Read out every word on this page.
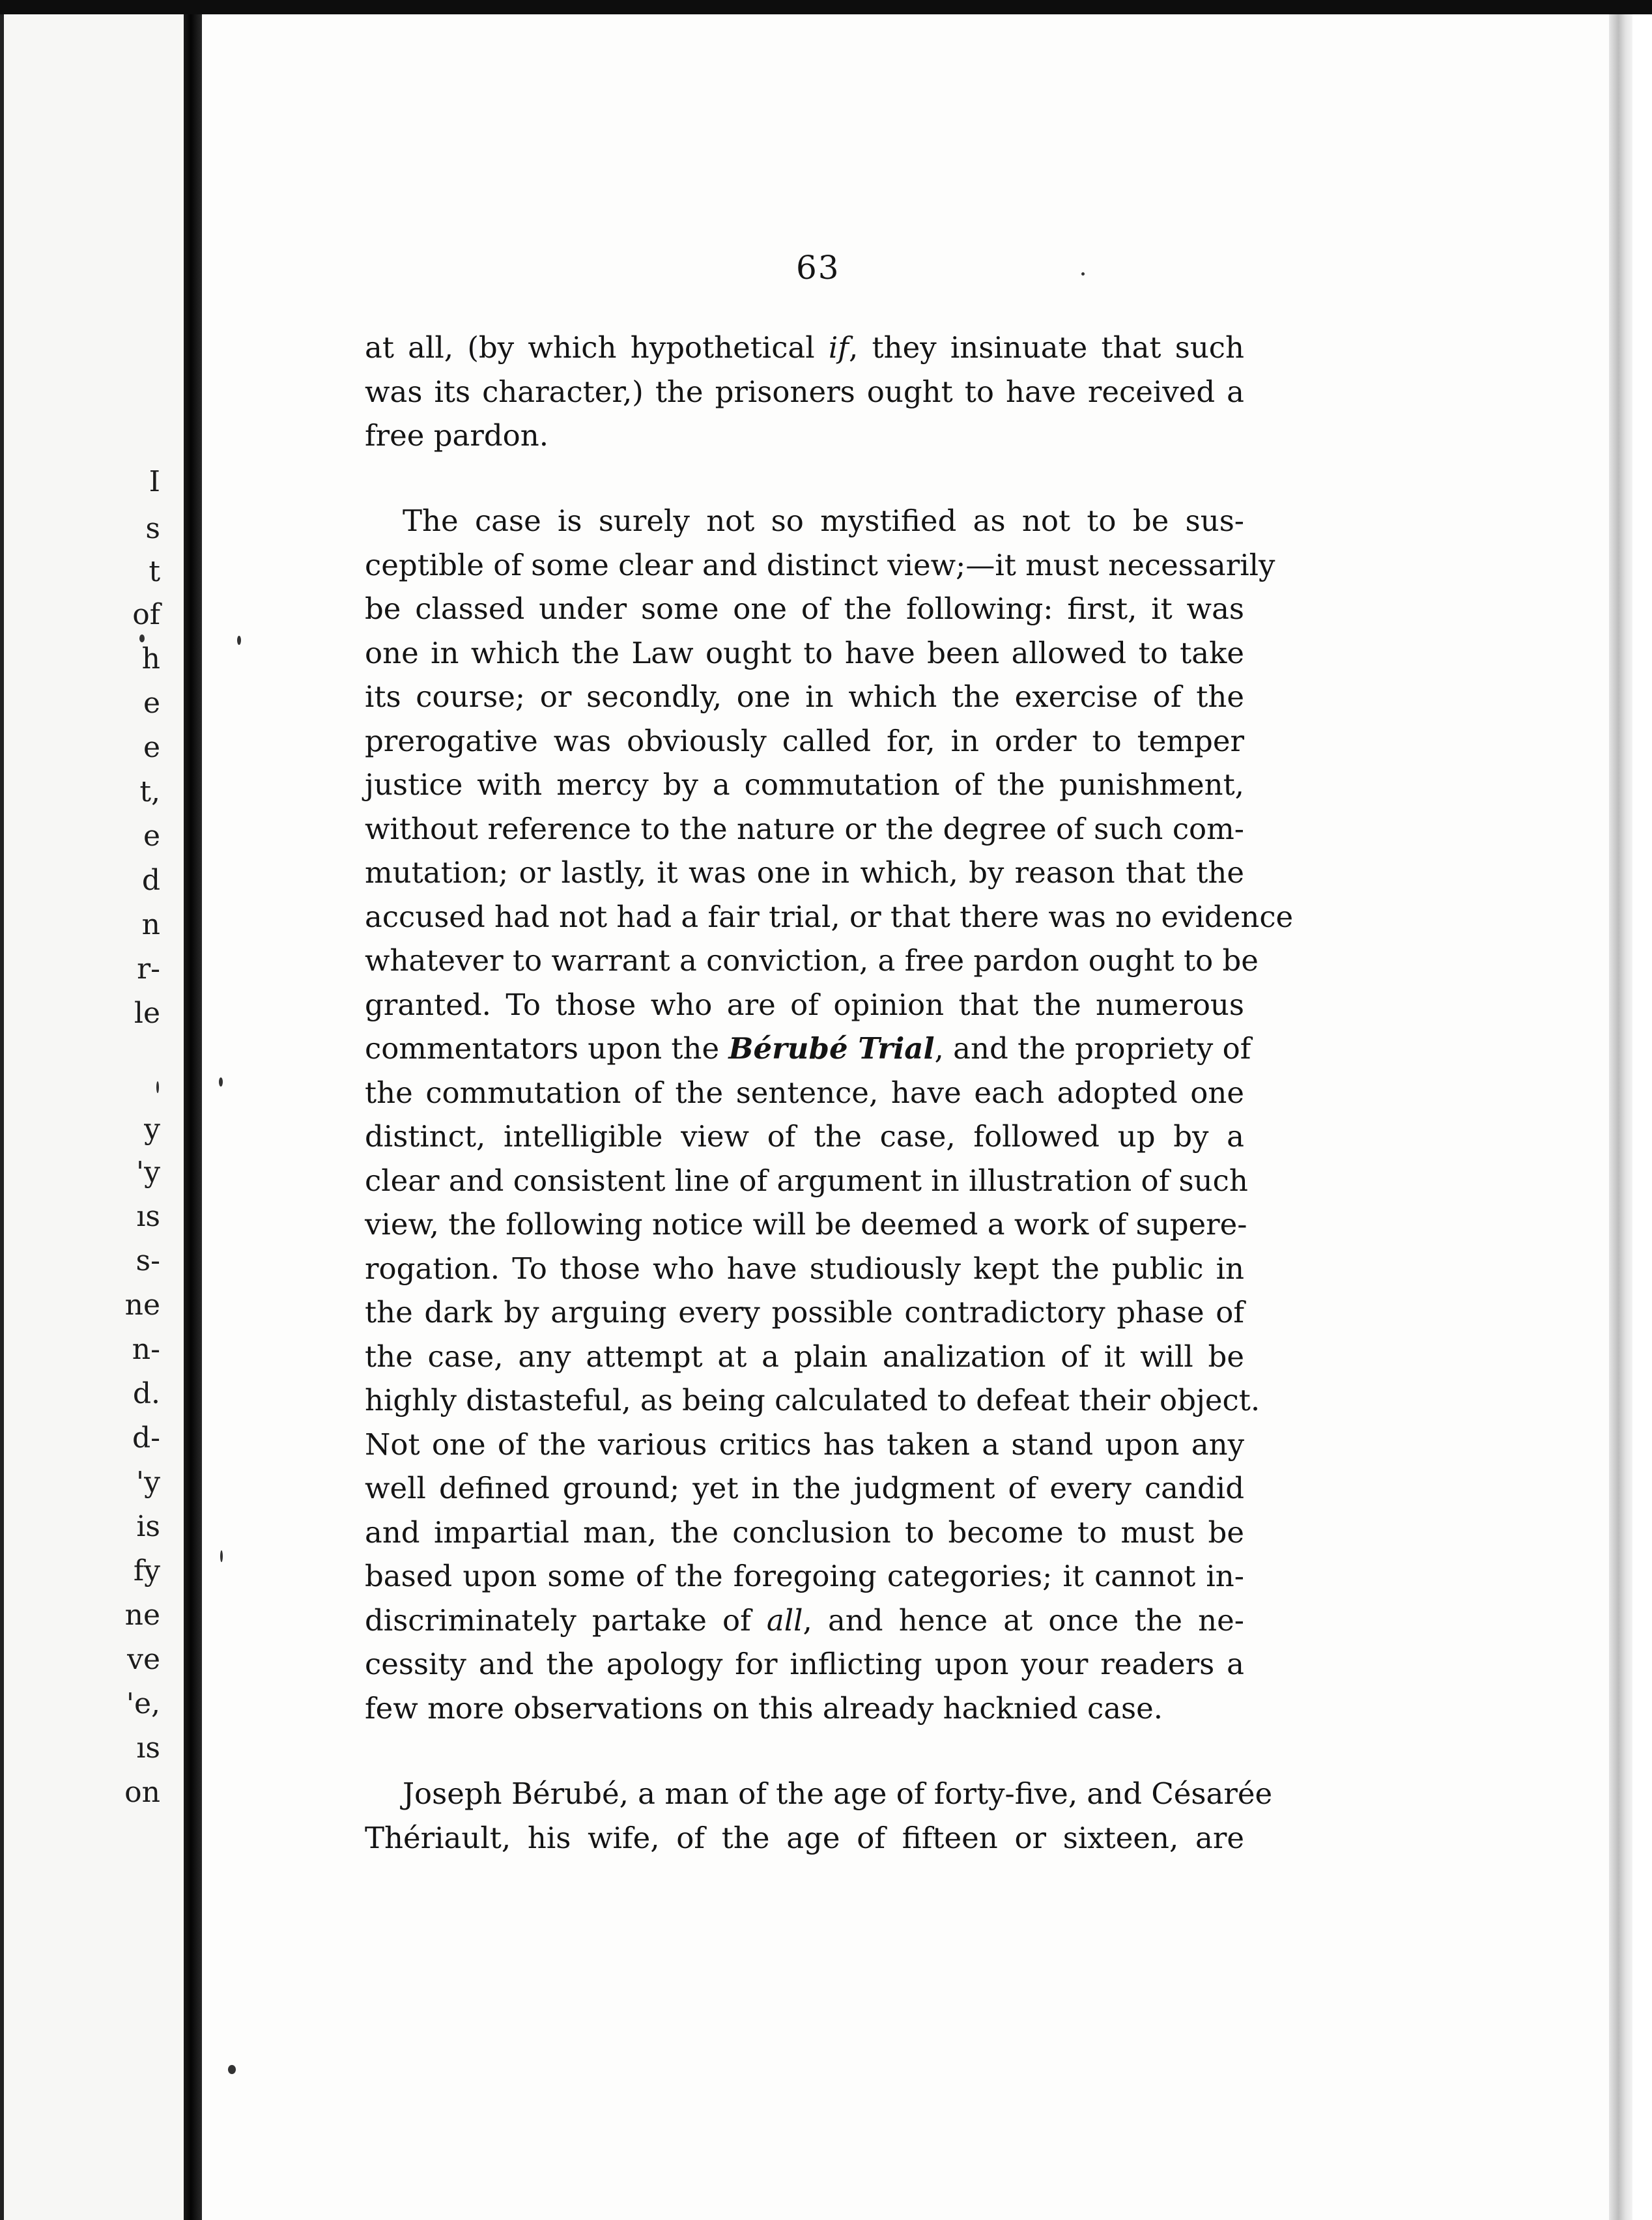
I
s
t
of
h
e
e
t,
e
d
n
r-
le
y
'y
ıs
s-
ne
n-
d.
d-
'y
is
fy
ne
ve
'e,
ıs
on
63
at all, (by which hypothetical if, they insinuate that such
was its character,) the prisoners ought to have received a
free pardon.
The case is surely not so mystified as not to be sus-
ceptible of some clear and distinct view;—it must necessarily
be classed under some one of the following: first, it was
one in which the Law ought to have been allowed to take
its course; or secondly, one in which the exercise of the
prerogative was obviously called for, in order to temper
justice with mercy by a commutation of the punishment,
without reference to the nature or the degree of such com-
mutation; or lastly, it was one in which, by reason that the
accused had not had a fair trial, or that there was no evidence
whatever to warrant a conviction, a free pardon ought to be
granted. To those who are of opinion that the numerous
commentators upon the Bérubé Trial, and the propriety of
the commutation of the sentence, have each adopted one
distinct, intelligible view of the case, followed up by a
clear and consistent line of argument in illustration of such
view, the following notice will be deemed a work of supere-
rogation. To those who have studiously kept the public in
the dark by arguing every possible contradictory phase of
the case, any attempt at a plain analization of it will be
highly distasteful, as being calculated to defeat their object.
Not one of the various critics has taken a stand upon any
well defined ground; yet in the judgment of every candid
and impartial man, the conclusion to become to must be
based upon some of the foregoing categories; it cannot in-
discriminately partake of all, and hence at once the ne-
cessity and the apology for inflicting upon your readers a
few more observations on this already hacknied case.
Joseph Bérubé, a man of the age of forty-five, and Césarée
Thériault, his wife, of the age of fifteen or sixteen, are
